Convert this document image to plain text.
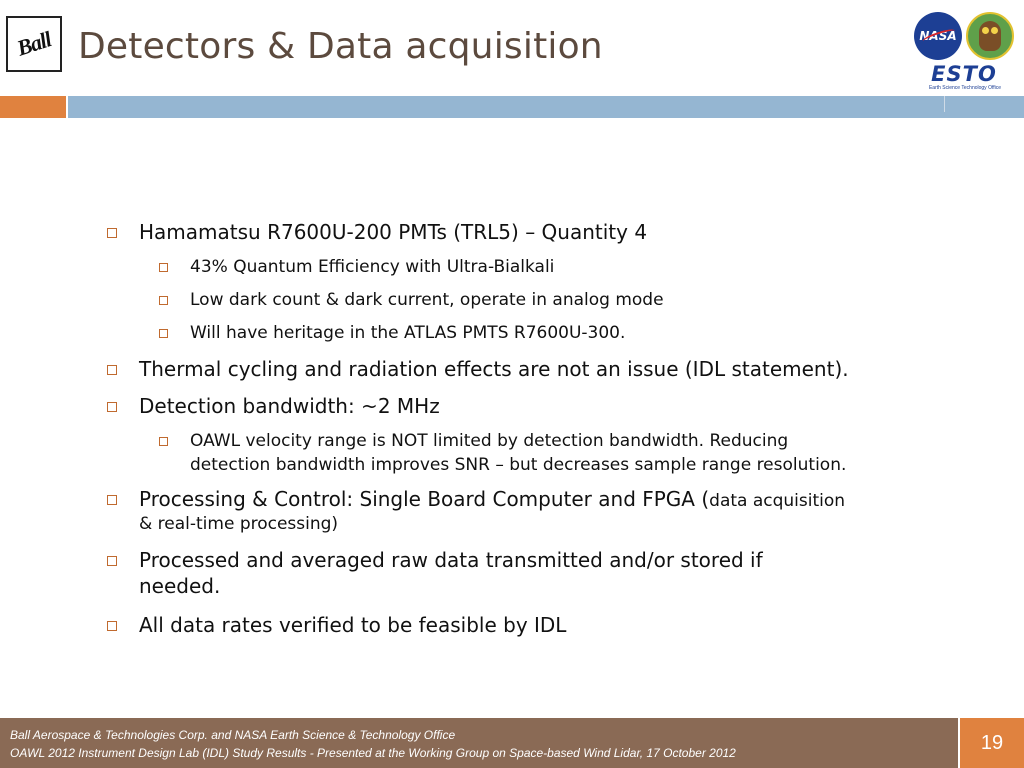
Ball Detectors & Data acquisition	NASA
ESTO
Earth Science Technology Office
Hamamatsu R7600U-200 PMTs (TRL5) – Quantity 4
43% Quantum Efficiency with Ultra-Bialkali
Low dark count & dark current, operate in analog mode
Will have heritage in the ATLAS PMTS R7600U-300.
Thermal cycling and radiation effects are not an issue (IDL statement).
Detection bandwidth: ~2 MHz
OAWL velocity range is NOT limited by detection bandwidth. Reducing
detection bandwidth improves SNR – but decreases sample range resolution.
Processing & Control: Single Board Computer and FPGA (data acquisition
& real-time processing)
Processed and averaged raw data transmitted and/or stored if
needed.
All data rates verified to be feasible by IDL
Ball Aerospace & Technologies Corp. and NASA Earth Science & Technology Office
OAWL 2012 Instrument Design Lab (IDL) Study Results - Presented at the Working Group on Space-based Wind Lidar, 17 October 2012	19
